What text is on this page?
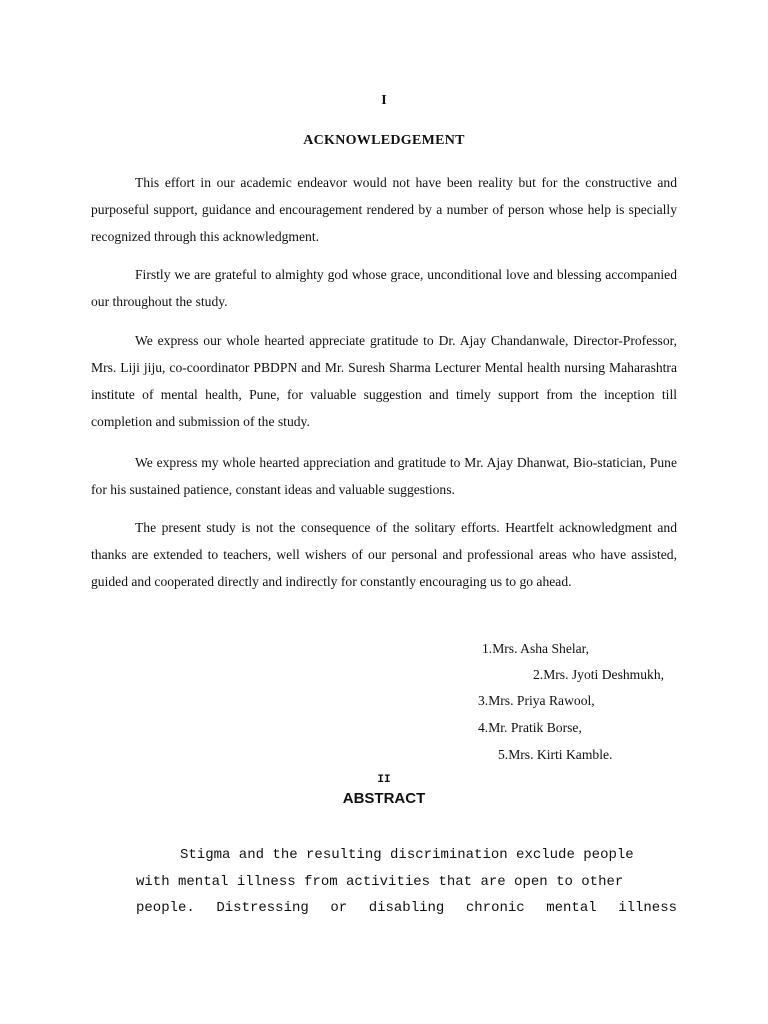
I
ACKNOWLEDGEMENT

This effort in our academic endeavor would not have been reality but for the constructive and purposeful support, guidance and encouragement rendered by a number of person whose help is specially recognized through this acknowledgment.

Firstly we are grateful to almighty god whose grace, unconditional love and blessing accompanied our throughout the study.

We express our whole hearted appreciate gratitude to Dr. Ajay Chandanwale, Director-Professor, Mrs. Liji jiju, co-coordinator PBDPN and Mr. Suresh Sharma Lecturer Mental health nursing Maharashtra institute of mental health, Pune, for valuable suggestion and timely support from the inception till completion and submission of the study.

We express my whole hearted appreciation and gratitude to Mr. Ajay Dhanwat, Bio-statician, Pune for his sustained patience, constant ideas and valuable suggestions.

The present study is not the consequence of the solitary efforts. Heartfelt acknowledgment and thanks are extended to teachers, well wishers of our personal and professional areas who have assisted, guided and cooperated directly and indirectly for constantly encouraging us to go ahead.

1.Mrs. Asha Shelar,
2.Mrs. Jyoti Deshmukh,
3.Mrs. Priya Rawool,
4.Mr. Pratik Borse,
5.Mrs. Kirti Kamble.
II
ABSTRACT
Stigma and the resulting discrimination exclude people
with mental illness from activities that are open to other
people. Distressing or disabling chronic mental illness
